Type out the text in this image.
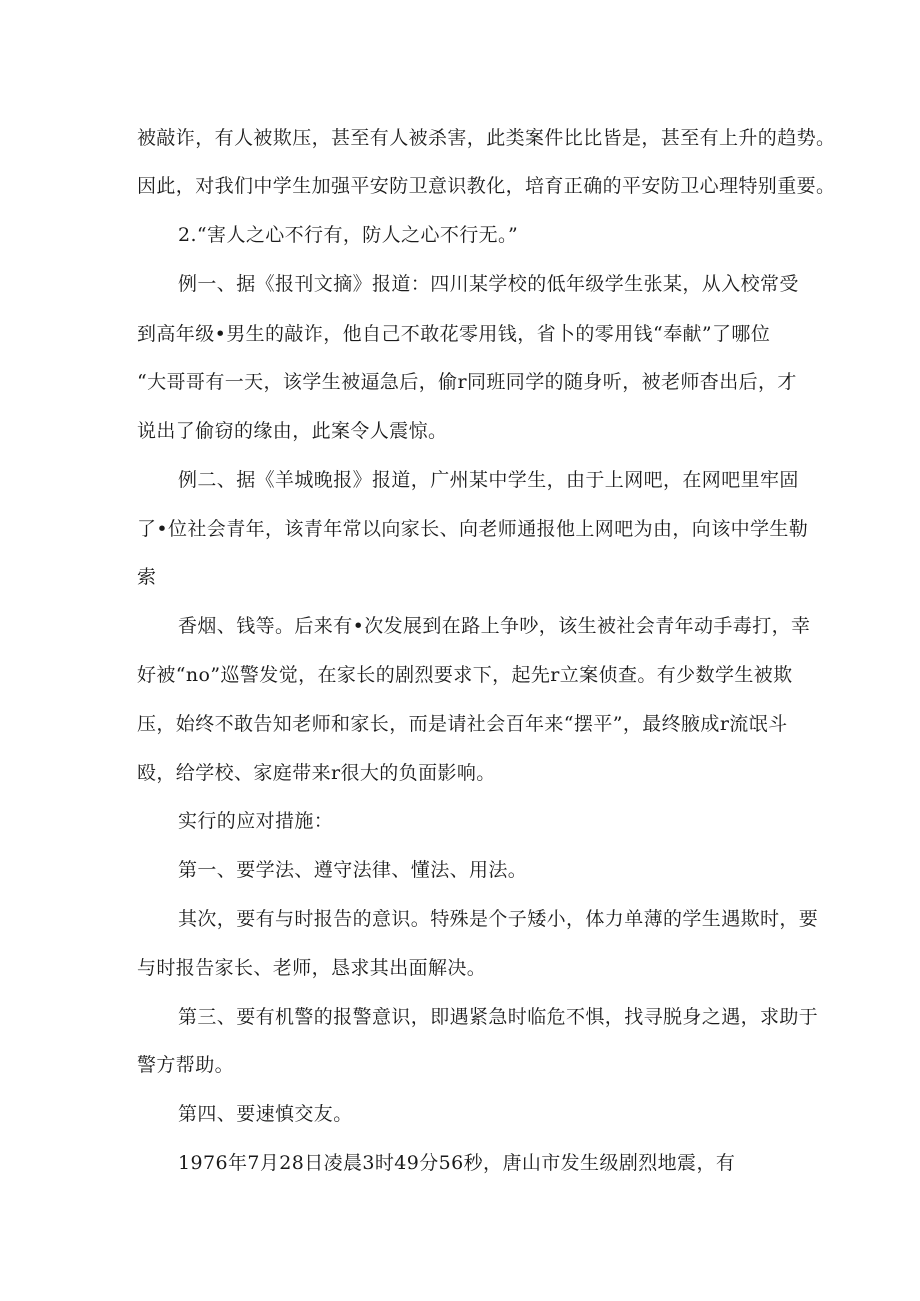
被敲诈，有人被欺压，甚至有人被杀害，此类案件比比皆是，甚至有上升的趋势。

因此，对我们中学生加强平安防卫意识教化，培育正确的平安防卫心理特别重要。

2.“害人之心不行有，防人之心不行无。”

例一、据《报刊文摘》报道：四川某学校的低年级学生张某，从入校常受

到高年级•男生的敲诈，他自己不敢花零用钱，省卜的零用钱“奉献”了哪位

“大哥哥有一天，该学生被逼急后，偷r同班同学的随身听，被老师杳出后，才

说出了偷窃的缘由，此案令人震惊。

例二、据《羊城晚报》报道，广州某中学生，由于上网吧，在网吧里牢固

了•位社会青年，该青年常以向家长、向老师通报他上网吧为由，向该中学生勒

索

香烟、钱等。后来有•次发展到在路上争吵，该生被社会青年动手毒打，幸

好被“no”巡警发觉，在家长的剧烈要求下，起先r立案侦查。有少数学生被欺

压，始终不敢告知老师和家长，而是请社会百年来“摆平”，最终腋成r流氓斗

殴，给学校、家庭带来r很大的负面影响。

实行的应对措施：

第一、要学法、遵守法律、懂法、用法。

其次，要有与时报告的意识。特殊是个子矮小，体力单薄的学生遇欺时，要

与时报告家长、老师，恳求其出面解决。

第三、要有机警的报警意识，即遇紧急时临危不惧，找寻脱身之遇，求助于

警方帮助。

第四、要速慎交友。

1976年7月28日凌晨3时49分56秒，唐山市发生级剧烈地震，有
